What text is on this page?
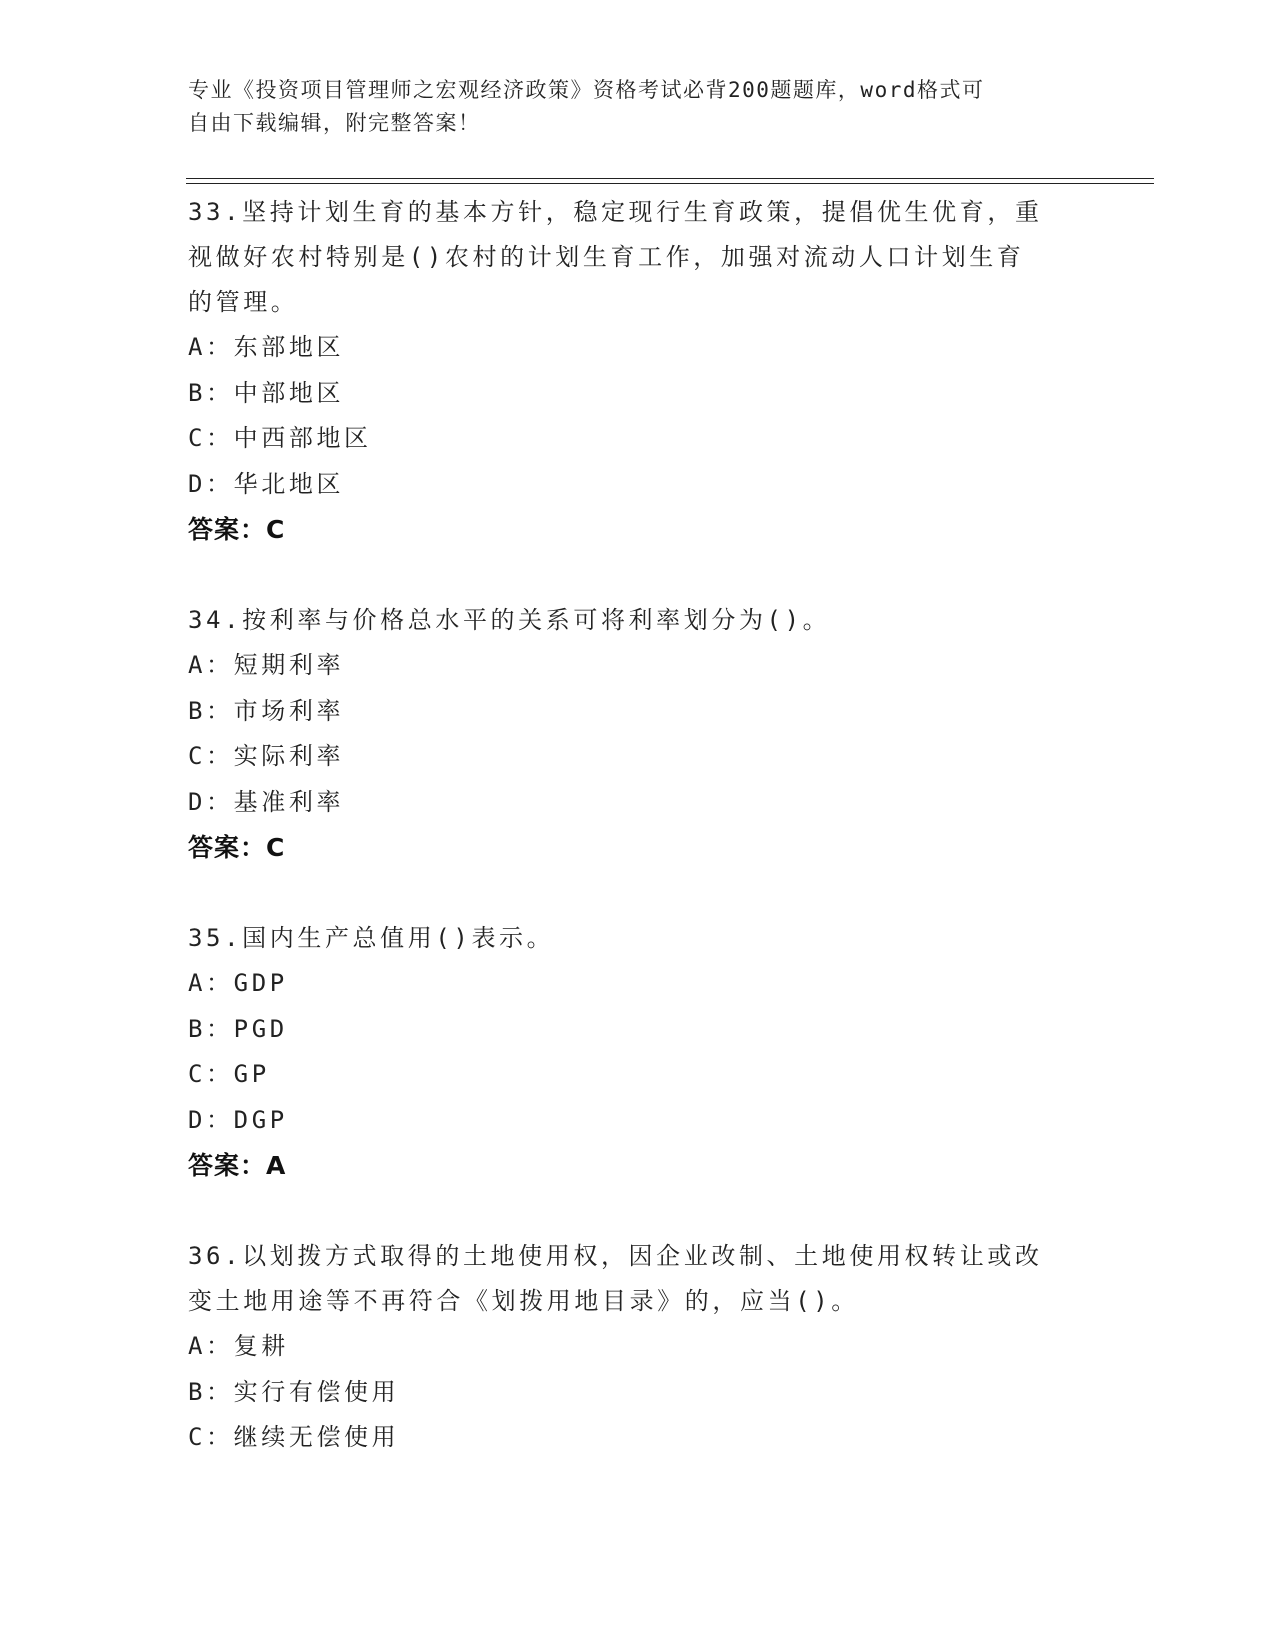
专业《投资项目管理师之宏观经济政策》资格考试必背200题题库，word格式可
自由下载编辑，附完整答案！

33.坚持计划生育的基本方针，稳定现行生育政策，提倡优生优育，重

视做好农村特别是()农村的计划生育工作，加强对流动人口计划生育

的管理。

A：东部地区

B：中部地区

C：中西部地区

D：华北地区

答案：C

34.按利率与价格总水平的关系可将利率划分为()。

A：短期利率

B：市场利率

C：实际利率

D：基准利率

答案：C

35.国内生产总值用()表示。

A：GDP

B：PGD

C：GP

D：DGP

答案：A

36.以划拨方式取得的土地使用权，因企业改制、土地使用权转让或改

变土地用途等不再符合《划拨用地目录》的，应当()。

A：复耕

B：实行有偿使用

C：继续无偿使用
